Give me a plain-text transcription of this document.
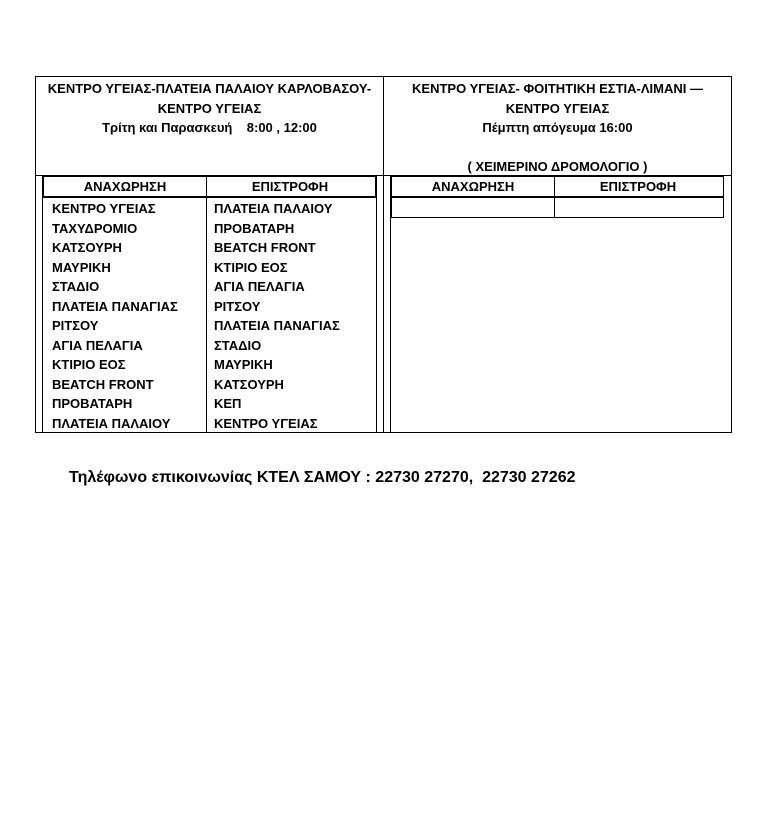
ΚΕΝΤΡΟ ΥΓΕΙΑΣ-ΠΛΑΤΕΙΑ ΠΑΛΑΙΟΥ ΚΑΡΛΟΒΑΣΟΥ-
ΚΕΝΤΡΟ ΥΓΕΙΑΣ
Τρίτη και Παρασκευή    8:00 , 12:00
ΑΝΑΧΩΡΗΣΗ	ΕΠΙΣΤΡΟΦΗ
ΚΕΝΤΡΟ ΥΓΕΙΑΣ
ΤΑΧΥΔΡΟΜΙΟ
ΚΑΤΣΟΥΡΗ
ΜΑΥΡΙΚΗ
ΣΤΑΔΙΟ
ΠΛΑΤΕΙΑ ΠΑΝΑΓΙΑΣ
ΡΙΤΣΟΥ
ΑΓΙΑ ΠΕΛΑΓΙΑ
ΚΤΙΡΙΟ ΕΟΣ
BEATCH FRONT
ΠΡΟΒΑΤΑΡΗ
ΠΛΑΤΕΙΑ ΠΑΛΑΙΟΥ
ΠΛΑΤΕΙΑ ΠΑΛΑΙΟΥ
ΠΡΟΒΑΤΑΡΗ
BEATCH FRONT
ΚΤΙΡΙΟ ΕΟΣ
ΑΓΙΑ ΠΕΛΑΓΙΑ
ΡΙΤΣΟΥ
ΠΛΑΤΕΙΑ ΠΑΝΑΓΙΑΣ
ΣΤΑΔΙΟ
ΜΑΥΡΙΚΗ
ΚΑΤΣΟΥΡΗ
ΚΕΠ
ΚΕΝΤΡΟ ΥΓΕΙΑΣ
ΚΕΝΤΡΟ ΥΓΕΙΑΣ- ΦΟΙΤΗΤΙΚΗ ΕΣΤΙΑ-ΛΙΜΑΝΙ —
ΚΕΝΤΡΟ ΥΓΕΙΑΣ
Πέμπτη απόγευμα 16:00
( ΧΕΙΜΕΡΙΝΟ ΔΡΟΜΟΛΟΓΙΟ )
ΑΝΑΧΩΡΗΣΗ	ΕΠΙΣΤΡΟΦΗ
Τηλέφωνο επικοινωνίας ΚΤΕΛ ΣΑΜΟΥ : 22730 27270,  22730 27262
